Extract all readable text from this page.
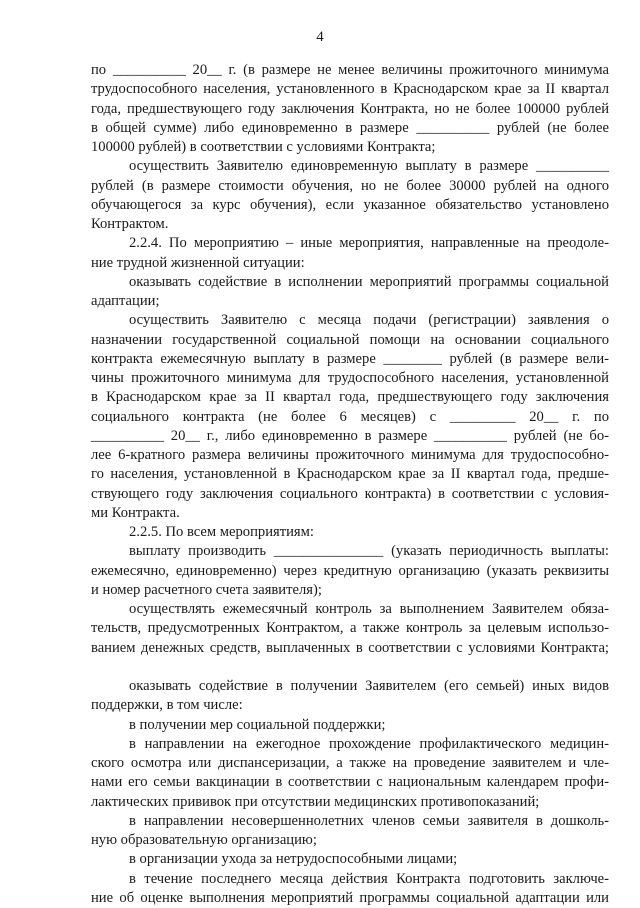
4
по __________ 20__ г. (в размере не менее величины прожиточного минимума
трудоспособного населения, установленного в Краснодарском крае за II квартал
года, предшествующего году заключения Контракта, но не более 100000 рублей
в общей сумме) либо единовременно в размере __________ рублей (не более
100000 рублей) в соответствии с условиями Контракта;
осуществить Заявителю единовременную выплату в размере __________
рублей (в размере стоимости обучения, но не более 30000 рублей на одного
обучающегося за курс обучения), если указанное обязательство установлено
Контрактом.
2.2.4. По мероприятию – иные мероприятия, направленные на преодоле-
ние трудной жизненной ситуации:
оказывать содействие в исполнении мероприятий программы социальной
адаптации;
осуществить Заявителю с месяца подачи (регистрации) заявления о
назначении государственной социальной помощи на основании социального
контракта ежемесячную выплату в размере ________ рублей (в размере вели-
чины прожиточного минимума для трудоспособного населения, установленной
в Краснодарском крае за II квартал года, предшествующего году заключения
социального контракта (не более 6 месяцев) с _________ 20__ г. по
__________ 20__ г., либо единовременно в размере __________ рублей (не бо-
лее 6-кратного размера величины прожиточного минимума для трудоспособно-
го населения, установленной в Краснодарском крае за II квартал года, предше-
ствующего году заключения социального контракта) в соответствии с условия-
ми Контракта.
2.2.5. По всем мероприятиям:
выплату производить _______________ (указать периодичность выплаты:
ежемесячно, единовременно) через кредитную организацию (указать реквизиты
и номер расчетного счета заявителя);
осуществлять ежемесячный контроль за выполнением Заявителем обяза-
тельств, предусмотренных Контрактом, а также контроль за целевым использо-
ванием денежных средств, выплаченных в соответствии с условиями Контракта;
оказывать содействие в получении Заявителем (его семьей) иных видов
поддержки, в том числе:
в получении мер социальной поддержки;
в направлении на ежегодное прохождение профилактического медицин-
ского осмотра или диспансеризации, а также на проведение заявителем и чле-
нами его семьи вакцинации в соответствии с национальным календарем профи-
лактических прививок при отсутствии медицинских противопоказаний;
в направлении несовершеннолетних членов семьи заявителя в дошколь-
ную образовательную организацию;
в организации ухода за нетрудоспособными лицами;
в течение последнего месяца действия Контракта подготовить заключе-
ние об оценке выполнения мероприятий программы социальной адаптации или
